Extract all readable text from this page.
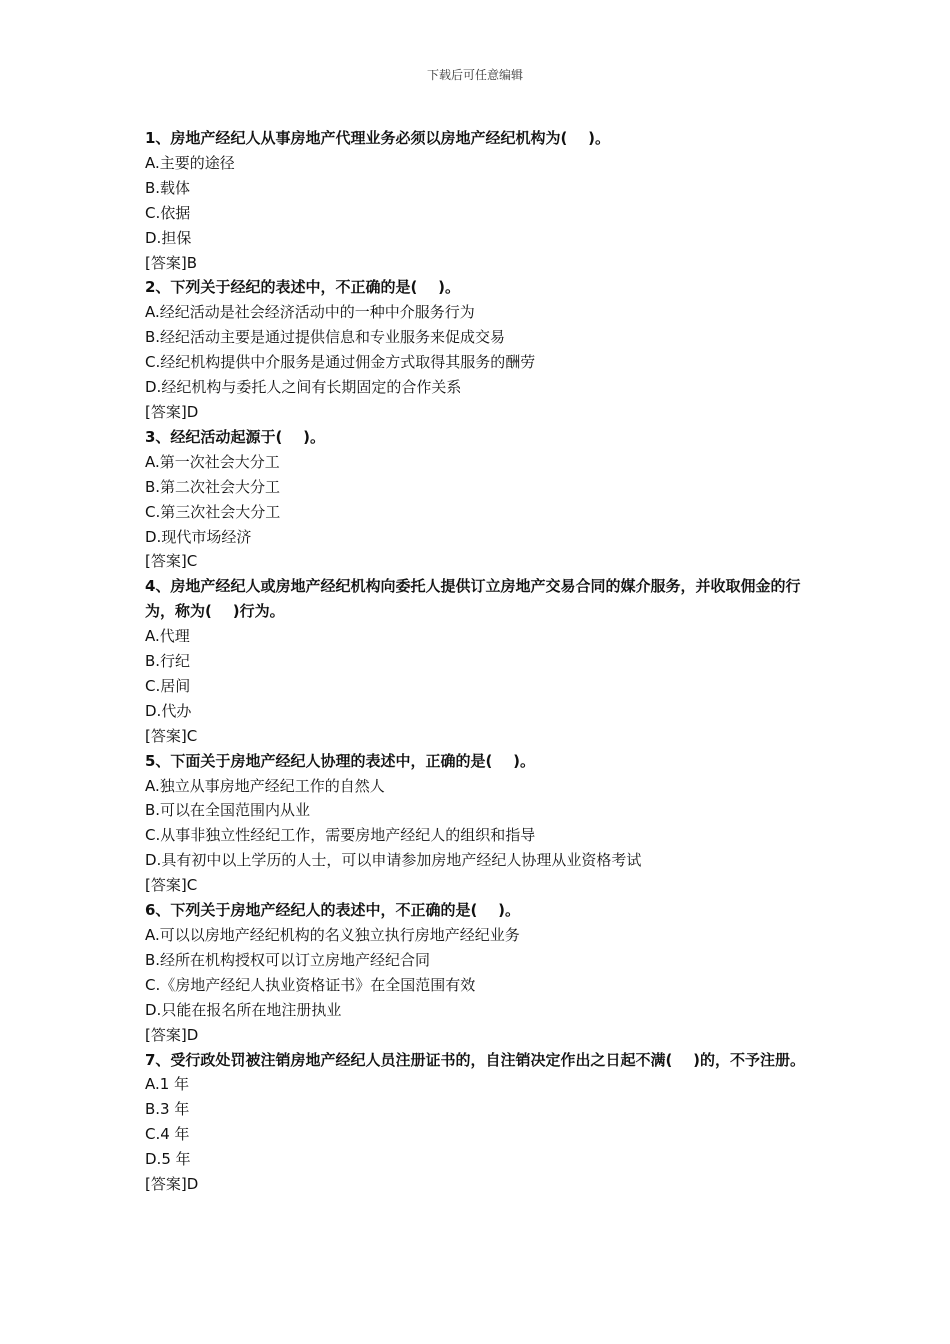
下载后可任意编辑
1、房地产经纪人从事房地产代理业务必须以房地产经纪机构为(    )。
A.主要的途径
B.载体
C.依据
D.担保
[答案]B
2、下列关于经纪的表述中，不正确的是(    )。
A.经纪活动是社会经济活动中的一种中介服务行为
B.经纪活动主要是通过提供信息和专业服务来促成交易
C.经纪机构提供中介服务是通过佣金方式取得其服务的酬劳
D.经纪机构与委托人之间有长期固定的合作关系
[答案]D
3、经纪活动起源于(    )。
A.第一次社会大分工
B.第二次社会大分工
C.第三次社会大分工
D.现代市场经济
[答案]C
4、房地产经纪人或房地产经纪机构向委托人提供订立房地产交易合同的媒介服务，并收取佣金的行为，称为(    )行为。
A.代理
B.行纪
C.居间
D.代办
[答案]C
5、下面关于房地产经纪人协理的表述中，正确的是(    )。
A.独立从事房地产经纪工作的自然人
B.可以在全国范围内从业
C.从事非独立性经纪工作，需要房地产经纪人的组织和指导
D.具有初中以上学历的人士，可以申请参加房地产经纪人协理从业资格考试
[答案]C
6、下列关于房地产经纪人的表述中，不正确的是(    )。
A.可以以房地产经纪机构的名义独立执行房地产经纪业务
B.经所在机构授权可以订立房地产经纪合同
C.《房地产经纪人执业资格证书》在全国范围有效
D.只能在报名所在地注册执业
[答案]D
7、受行政处罚被注销房地产经纪人员注册证书的，自注销决定作出之日起不满(    )的，不予注册。
A.1 年
B.3 年
C.4 年
D.5 年
[答案]D
